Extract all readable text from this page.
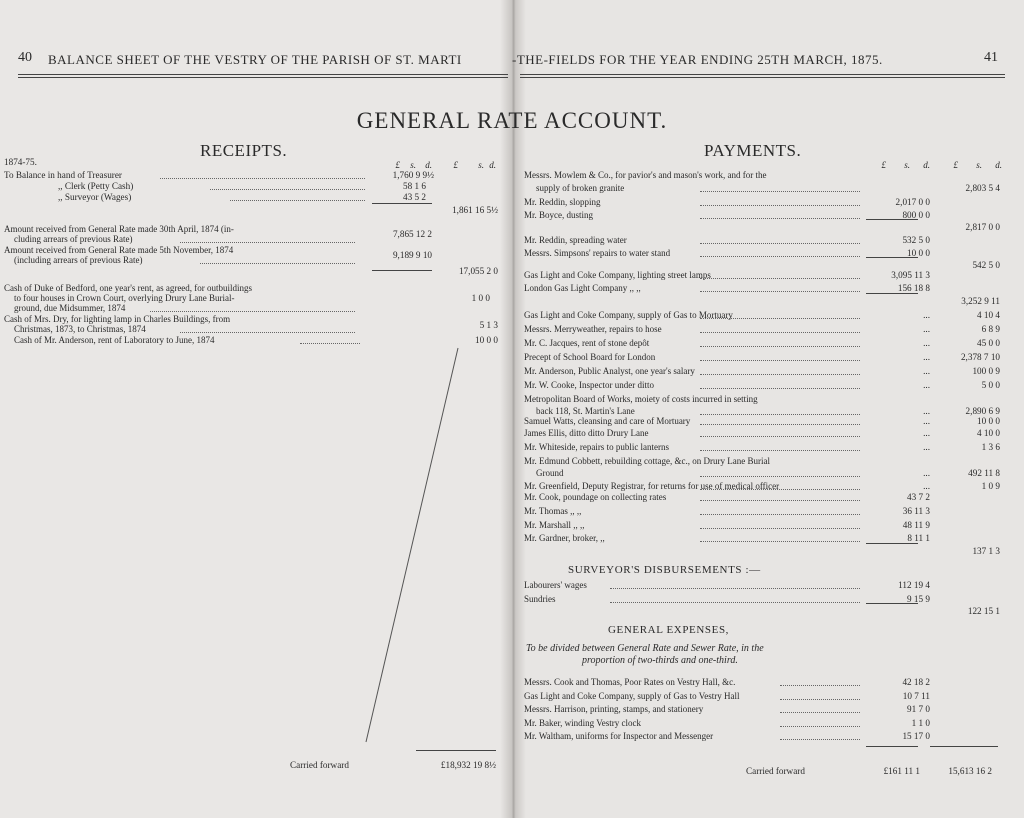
40 BALANCE SHEET OF THE VESTRY OF THE PARISH OF ST. MARTI	-THE-FIELDS FOR THE YEAR ENDING 25TH MARCH, 1875.	41
GENERAL RATE ACCOUNT.
RECEIPTS.
1874-75.	£	s.	d.	£	s. d.
To Balance in hand of Treasurer	1,760 9 9½
,, Clerk (Petty Cash)	58 1 6
,, Surveyor (Wages)	43 5 2
1,861 16 5½
Amount received from General Rate made 30th April, 1874 (in-
cluding arrears of previous Rate)	7,865 12 2
Amount received from General Rate made 5th November, 1874
(including arrears of previous Rate)	9,189 9 10
17,055 2 0
Cash of Duke of Bedford, one year's rent, as agreed, for outbuildings
to four houses in Crown Court, overlying Drury Lane Burial-
ground, due Midsummer, 1874
1 0 0
Cash of Mrs. Dry, for lighting lamp in Charles Buildings, from
Christmas, 1873, to Christmas, 1874	5 1 3
Cash of Mr. Anderson, rent of Laboratory to June, 1874	10 0 0
Carried forward	£18,932 19 8½
PAYMENTS.
£	s.	d.	£	s.	d.
Messrs. Mowlem & Co., for pavior's and mason's work, and for the
supply of broken granite	2,803 5 4
Mr. Reddin, slopping	2,017 0 0
Mr. Boyce, dusting	800 0 0
2,817 0 0
Mr. Reddin, spreading water	532 5 0
Messrs. Simpsons' repairs to water stand	10 0 0
542 5 0
Gas Light and Coke Company, lighting street lamps	3,095 11 3
London Gas Light Company ,, ,,	156 18 8
3,252 9 11
Gas Light and Coke Company, supply of Gas to Mortuary	...	4 10 4
Messrs. Merryweather, repairs to hose	...	6 8 9
Mr. C. Jacques, rent of stone depôt	...	45 0 0
Precept of School Board for London	...	2,378 7 10
Mr. Anderson, Public Analyst, one year's salary	...	100 0 9
Mr. W. Cooke, Inspector under ditto	...	5 0 0
Metropolitan Board of Works, moiety of costs incurred in setting
back 118, St. Martin's Lane	...	2,890 6 9
Samuel Watts, cleansing and care of Mortuary	...	10 0 0
James Ellis, ditto ditto Drury Lane	...	4 10 0
Mr. Whiteside, repairs to public lanterns	...	1 3 6
Mr. Edmund Cobbett, rebuilding cottage, &c., on Drury Lane Burial
Ground	...	492 11 8
Mr. Greenfield, Deputy Registrar, for returns for use of medical officer	...	1 0 9
Mr. Cook, poundage on collecting rates	43 7 2
Mr. Thomas ,, ,,	36 11 3
Mr. Marshall ,, ,,	48 11 9
Mr. Gardner, broker, ,,	8 11 1
137 1 3
SURVEYOR'S DISBURSEMENTS :—
Labourers' wages	112 19 4
Sundries	9 15 9
122 15 1
GENERAL EXPENSES,
To be divided between General Rate and Sewer Rate, in the
proportion of two-thirds and one-third.
Messrs. Cook and Thomas, Poor Rates on Vestry Hall, &c.	42 18 2
Gas Light and Coke Company, supply of Gas to Vestry Hall	10 7 11
Messrs. Harrison, printing, stamps, and stationery	91 7 0
Mr. Baker, winding Vestry clock	1 1 0
Mr. Waltham, uniforms for Inspector and Messenger	15 17 0
Carried forward	£161 11 1	15,613 16 2
